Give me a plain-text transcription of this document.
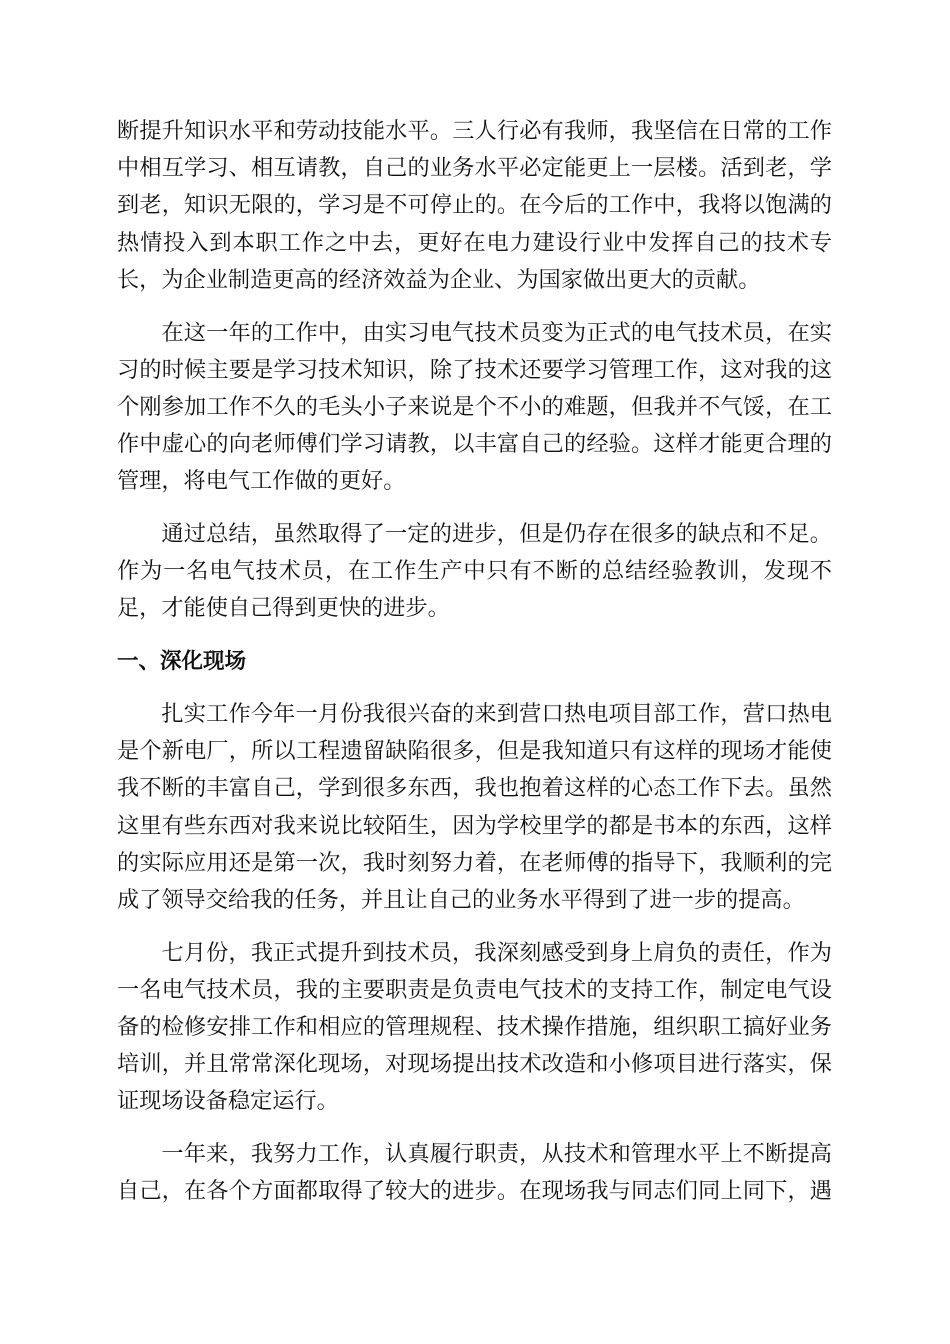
断提升知识水平和劳动技能水平。三人行必有我师，我坚信在日常的工作
中相互学习、相互请教，自己的业务水平必定能更上一层楼。活到老，学
到老，知识无限的，学习是不可停止的。在今后的工作中，我将以饱满的
热情投入到本职工作之中去，更好在电力建设行业中发挥自己的技术专
长，为企业制造更高的经济效益为企业、为国家做出更大的贡献。
在这一年的工作中，由实习电气技术员变为正式的电气技术员，在实
习的时候主要是学习技术知识，除了技术还要学习管理工作，这对我的这
个刚参加工作不久的毛头小子来说是个不小的难题，但我并不气馁，在工
作中虚心的向老师傅们学习请教，以丰富自己的经验。这样才能更合理的
管理，将电气工作做的更好。
通过总结，虽然取得了一定的进步，但是仍存在很多的缺点和不足。
作为一名电气技术员，在工作生产中只有不断的总结经验教训，发现不
足，才能使自己得到更快的进步。
一、深化现场
扎实工作今年一月份我很兴奋的来到营口热电项目部工作，营口热电
是个新电厂，所以工程遗留缺陷很多，但是我知道只有这样的现场才能使
我不断的丰富自己，学到很多东西，我也抱着这样的心态工作下去。虽然
这里有些东西对我来说比较陌生，因为学校里学的都是书本的东西，这样
的实际应用还是第一次，我时刻努力着，在老师傅的指导下，我顺利的完
成了领导交给我的任务，并且让自己的业务水平得到了进一步的提高。
七月份，我正式提升到技术员，我深刻感受到身上肩负的责任，作为
一名电气技术员，我的主要职责是负责电气技术的支持工作，制定电气设
备的检修安排工作和相应的管理规程、技术操作措施，组织职工搞好业务
培训，并且常常深化现场，对现场提出技术改造和小修项目进行落实，保
证现场设备稳定运行。
一年来，我努力工作，认真履行职责，从技术和管理水平上不断提高
自己，在各个方面都取得了较大的进步。在现场我与同志们同上同下，遇
